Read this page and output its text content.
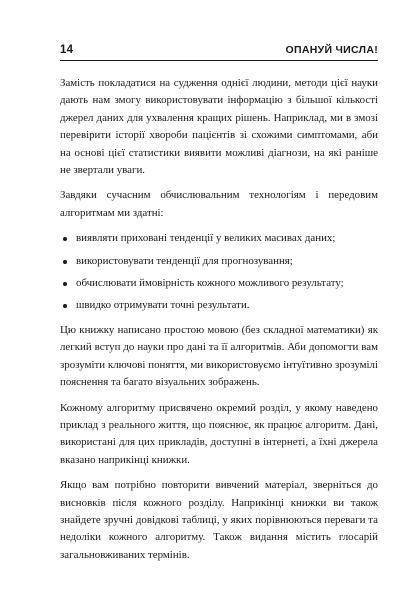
14	ОПАНУЙ ЧИСЛА!

Замість покладатися на судження однієї людини, методи цієї науки дають нам змогу використовувати інформацію з більшої кількості джерел даних для ухвалення кращих рішень. Наприклад, ми в змозі перевірити історії хвороби пацієнтів зі схожими симптомами, аби на основі цієї статистики виявити можливі діагнози, на які раніше не звертали уваги.

Завдяки сучасним обчислювальним технологіям і передовим алгоритмам ми здатні:

виявляти приховані тенденції у великих масивах даних;
використовувати тенденції для прогнозування;
обчислювати ймовірність кожного можливого результату;
швидко отримувати точні результати.

Цю книжку написано простою мовою (без складної математики) як легкий вступ до науки про дані та її алгоритмів. Аби допомогти вам зрозуміти ключові поняття, ми використовуємо інтуїтивно зрозумілі пояснення та багато візуальних зображень.

Кожному алгоритму присвячено окремий розділ, у якому наведено приклад з реального життя, що пояснює, як працює алгоритм. Дані, використані для цих прикладів, доступні в інтернеті, а їхні джерела вказано наприкінці книжки.

Якщо вам потрібно повторити вивчений матеріал, зверніться до висновків після кожного розділу. Наприкінці книжки ви також знайдете зручні довідкові таблиці, у яких порівнюються переваги та недоліки кожного алгоритму. Також видання містить глосарій загальновживаних термінів.
